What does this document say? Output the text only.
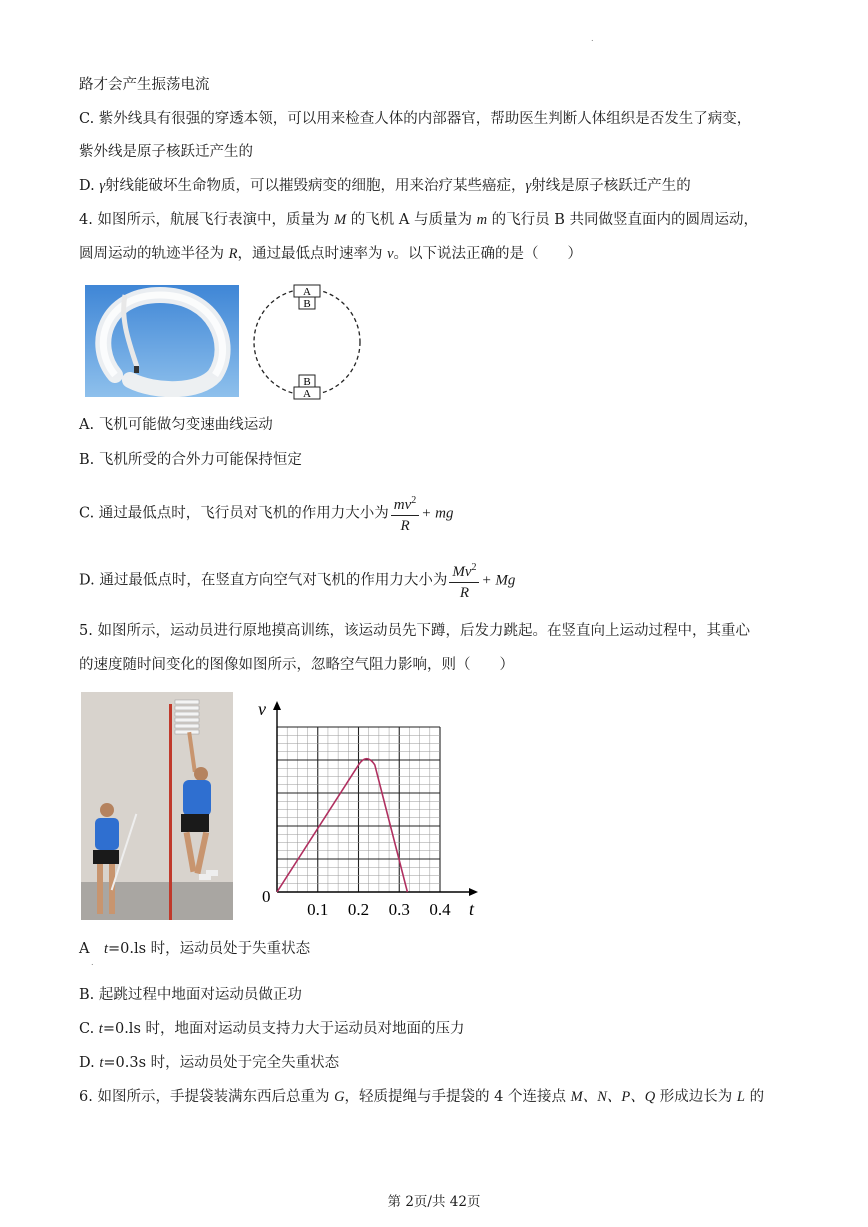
.
路才会产生振荡电流
C. 紫外线具有很强的穿透本领，可以用来检查人体的内部器官，帮助医生判断人体组织是否发生了病变，
紫外线是原子核跃迁产生的
D. γ射线能破坏生命物质，可以摧毁病变的细胞，用来治疗某些癌症，γ射线是原子核跃迁产生的
4. 如图所示，航展飞行表演中，质量为 M 的飞机 A 与质量为 m 的飞行员 B 共同做竖直面内的圆周运动，
圆周运动的轨迹半径为 R，通过最低点时速率为 v。以下说法正确的是（　　）
A
B
B
A
A. 飞机可能做匀变速曲线运动
B. 飞机所受的合外力可能保持恒定
C. 通过最低点时，飞行员对飞机的作用力大小为 $\frac{mv^2}{R}$ + mg
D. 通过最低点时，在竖直方向空气对飞机的作用力大小为 $\frac{Mv^2}{R} + Mg$
5. 如图所示，运动员进行原地摸高训练，该运动员先下蹲，后发力跳起。在竖直向上运动过程中，其重心
的速度随时间变化的图像如图所示，忽略空气阻力影响，则（　　）
v
t
0
0.1 0.2 0.3 0.4
A　t=0.ls 时，运动员处于失重状态
.
B. 起跳过程中地面对运动员做正功
C. t=0.ls 时，地面对运动员支持力大于运动员对地面的压力
D. t=0.3s 时，运动员处于完全失重状态
6. 如图所示，手提袋装满东西后总重为 G，轻质提绳与手提袋的 4 个连接点 M、N、P、Q 形成边长为 L 的
第 2页/共 42页
